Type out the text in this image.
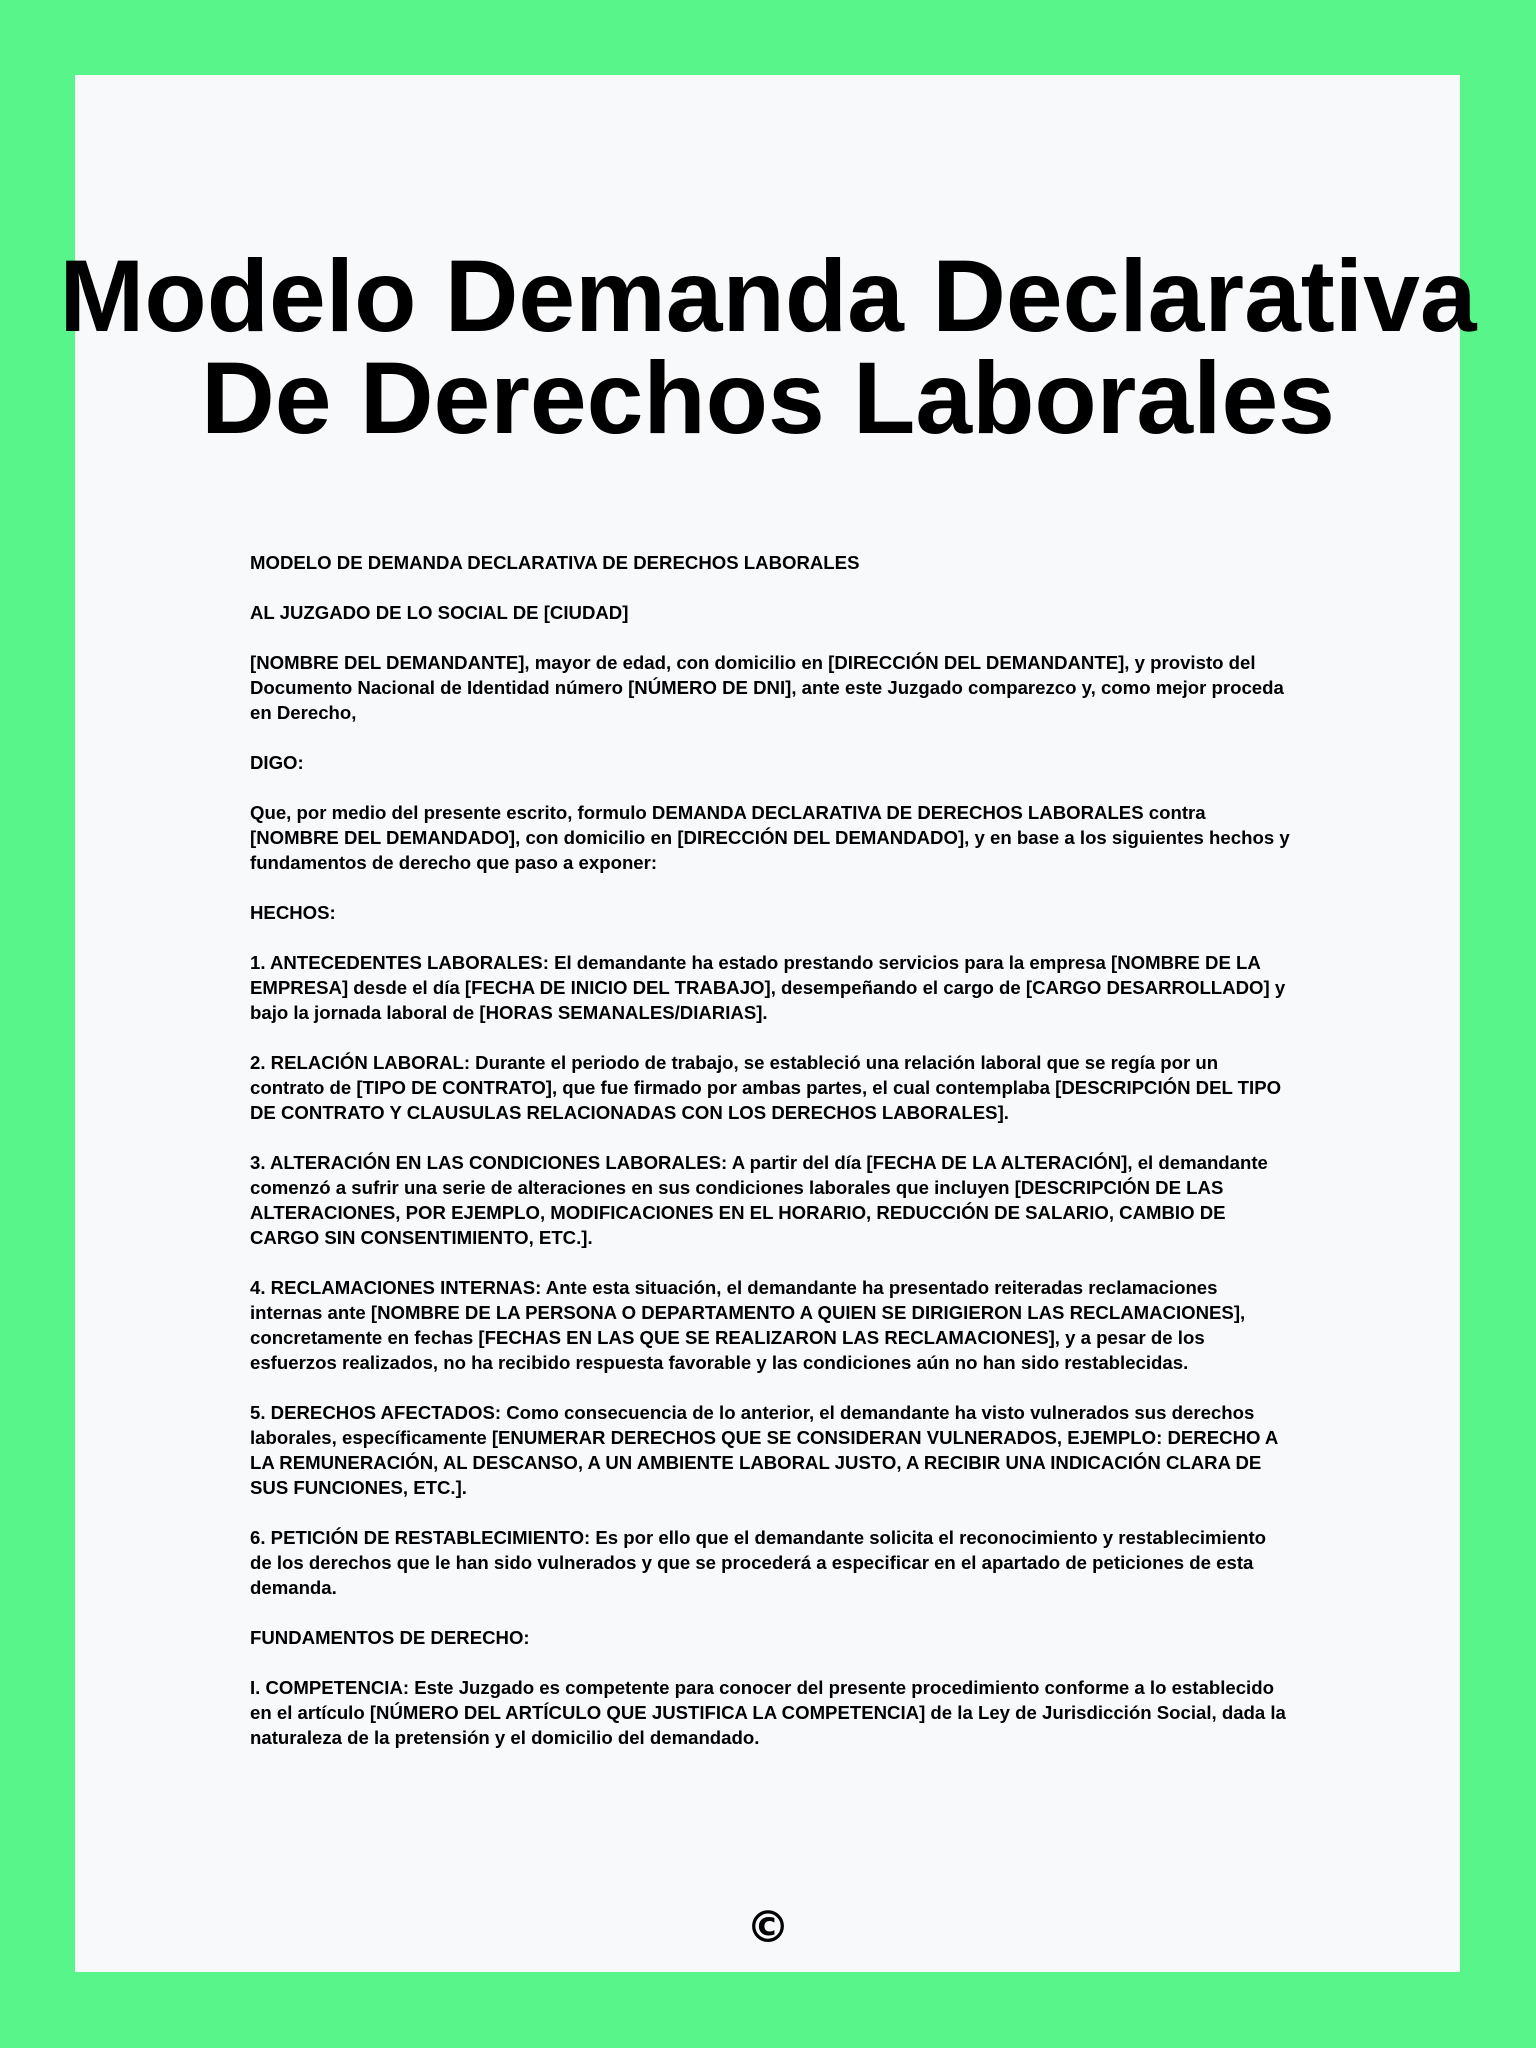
Modelo Demanda Declarativa
De Derechos Laborales

MODELO DE DEMANDA DECLARATIVA DE DERECHOS LABORALES

AL JUZGADO DE LO SOCIAL DE [CIUDAD]

[NOMBRE DEL DEMANDANTE], mayor de edad, con domicilio en [DIRECCIÓN DEL DEMANDANTE], y provisto del Documento Nacional de Identidad número [NÚMERO DE DNI], ante este Juzgado comparezco y, como mejor proceda en Derecho,

DIGO:

Que, por medio del presente escrito, formulo DEMANDA DECLARATIVA DE DERECHOS LABORALES contra [NOMBRE DEL DEMANDADO], con domicilio en [DIRECCIÓN DEL DEMANDADO], y en base a los siguientes hechos y fundamentos de derecho que paso a exponer:

HECHOS:

1. ANTECEDENTES LABORALES: El demandante ha estado prestando servicios para la empresa [NOMBRE DE LA EMPRESA] desde el día [FECHA DE INICIO DEL TRABAJO], desempeñando el cargo de [CARGO DESARROLLADO] y bajo la jornada laboral de [HORAS SEMANALES/DIARIAS].

2. RELACIÓN LABORAL: Durante el periodo de trabajo, se estableció una relación laboral que se regía por un contrato de [TIPO DE CONTRATO], que fue firmado por ambas partes, el cual contemplaba [DESCRIPCIÓN DEL TIPO DE CONTRATO Y CLAUSULAS RELACIONADAS CON LOS DERECHOS LABORALES].

3. ALTERACIÓN EN LAS CONDICIONES LABORALES: A partir del día [FECHA DE LA ALTERACIÓN], el demandante comenzó a sufrir una serie de alteraciones en sus condiciones laborales que incluyen [DESCRIPCIÓN DE LAS ALTERACIONES, POR EJEMPLO, MODIFICACIONES EN EL HORARIO, REDUCCIÓN DE SALARIO, CAMBIO DE CARGO SIN CONSENTIMIENTO, ETC.].

4. RECLAMACIONES INTERNAS: Ante esta situación, el demandante ha presentado reiteradas reclamaciones internas ante [NOMBRE DE LA PERSONA O DEPARTAMENTO A QUIEN SE DIRIGIERON LAS RECLAMACIONES], concretamente en fechas [FECHAS EN LAS QUE SE REALIZARON LAS RECLAMACIONES], y a pesar de los esfuerzos realizados, no ha recibido respuesta favorable y las condiciones aún no han sido restablecidas.

5. DERECHOS AFECTADOS: Como consecuencia de lo anterior, el demandante ha visto vulnerados sus derechos laborales, específicamente [ENUMERAR DERECHOS QUE SE CONSIDERAN VULNERADOS, EJEMPLO: DERECHO A LA REMUNERACIÓN, AL DESCANSO, A UN AMBIENTE LABORAL JUSTO, A RECIBIR UNA INDICACIÓN CLARA DE SUS FUNCIONES, ETC.].

6. PETICIÓN DE RESTABLECIMIENTO: Es por ello que el demandante solicita el reconocimiento y restablecimiento de los derechos que le han sido vulnerados y que se procederá a especificar en el apartado de peticiones de esta demanda.

FUNDAMENTOS DE DERECHO:

I. COMPETENCIA: Este Juzgado es competente para conocer del presente procedimiento conforme a lo establecido en el artículo [NÚMERO DEL ARTÍCULO QUE JUSTIFICA LA COMPETENCIA] de la Ley de Jurisdicción Social, dada la naturaleza de la pretensión y el domicilio del demandado.

©
